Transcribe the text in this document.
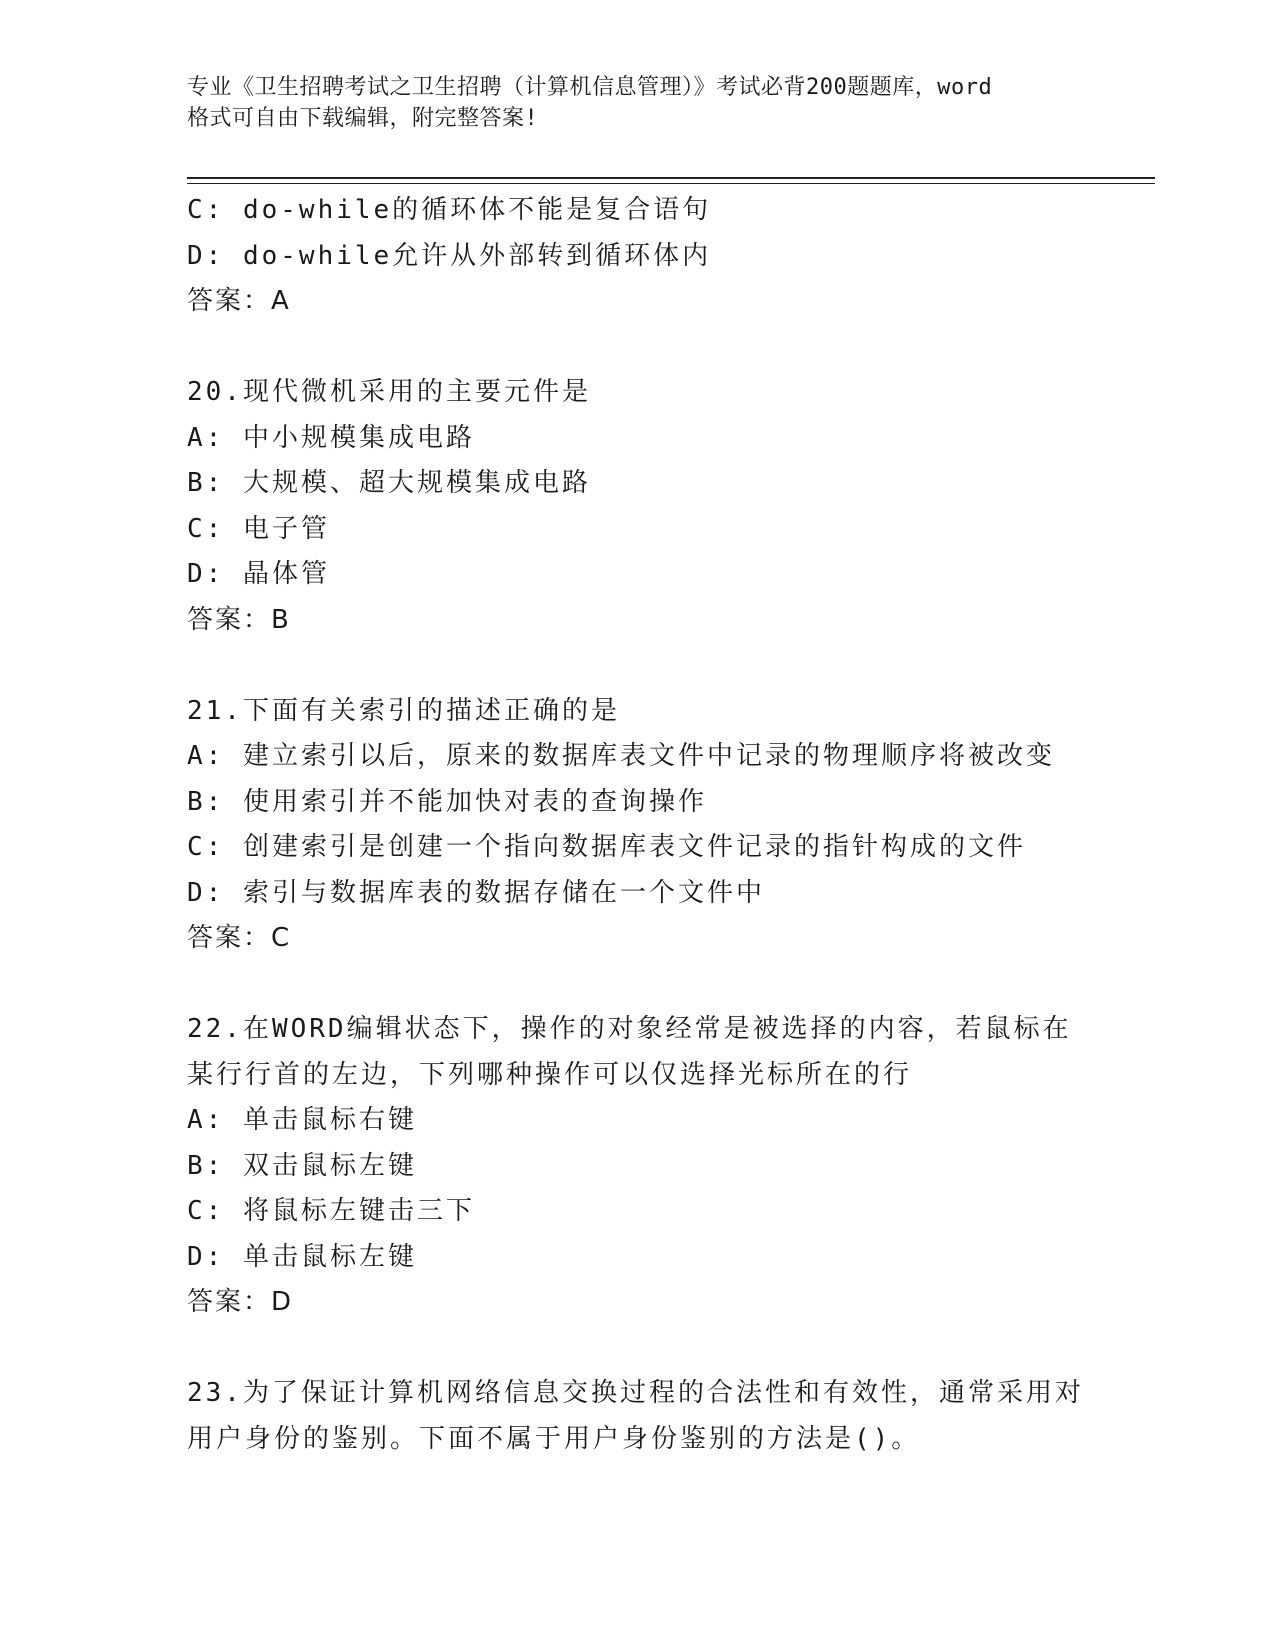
专业《卫生招聘考试之卫生招聘（计算机信息管理）》考试必背200题题库，word
格式可自由下载编辑，附完整答案!
C: do-while的循环体不能是复合语句
D: do-while允许从外部转到循环体内
答案：A
20.现代微机采用的主要元件是
A: 中小规模集成电路
B: 大规模、超大规模集成电路
C: 电子管
D: 晶体管
答案：B
21.下面有关索引的描述正确的是
A: 建立索引以后，原来的数据库表文件中记录的物理顺序将被改变
B: 使用索引并不能加快对表的查询操作
C: 创建索引是创建一个指向数据库表文件记录的指针构成的文件
D: 索引与数据库表的数据存储在一个文件中
答案：C
22.在WORD编辑状态下，操作的对象经常是被选择的内容，若鼠标在
某行行首的左边，下列哪种操作可以仅选择光标所在的行
A: 单击鼠标右键
B: 双击鼠标左键
C: 将鼠标左键击三下
D: 单击鼠标左键
答案：D
23.为了保证计算机网络信息交换过程的合法性和有效性，通常采用对
用户身份的鉴别。下面不属于用户身份鉴别的方法是()。
